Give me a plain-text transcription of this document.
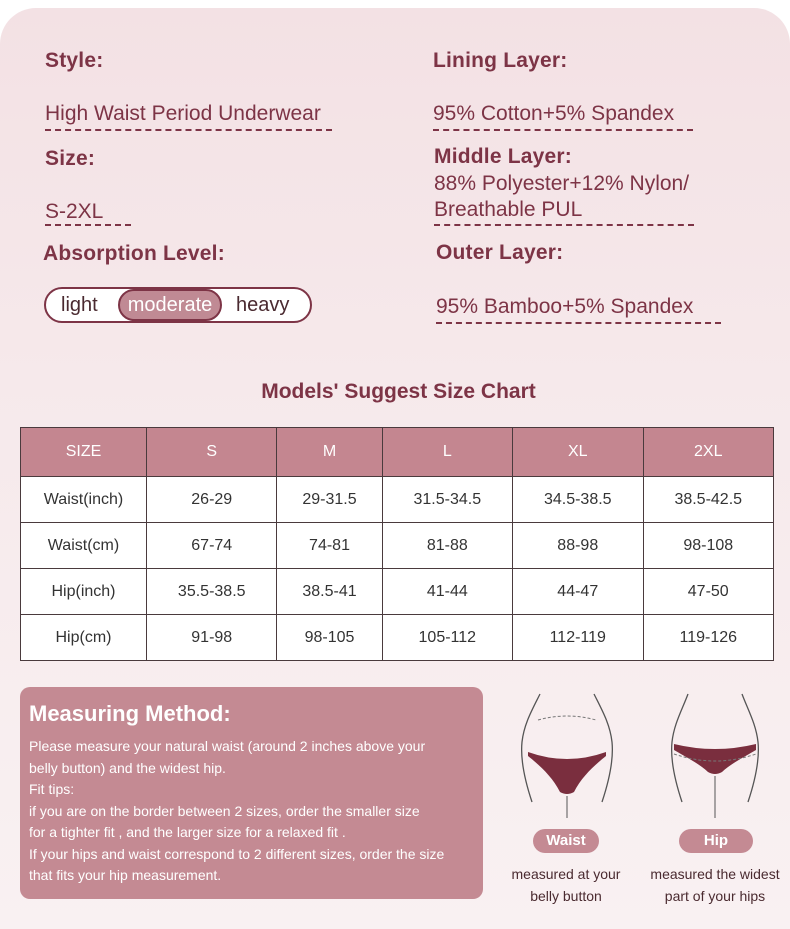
Style:
High Waist Period Underwear
Size:
S-2XL
Absorption Level:
light	moderate	heavy
Lining Layer:
95% Cotton+5% Spandex
Middle Layer:
88% Polyester+12% Nylon/
Breathable PUL
Outer Layer:
95% Bamboo+5% Spandex
Models' Suggest Size Chart
SIZE	S	M	L	XL	2XL
Waist(inch)	26-29	29-31.5	31.5-34.5	34.5-38.5	38.5-42.5
Waist(cm)	67-74	74-81	81-88	88-98	98-108
Hip(inch)	35.5-38.5	38.5-41	41-44	44-47	47-50
Hip(cm)	91-98	98-105	105-112	112-119	119-126
Measuring Method:
Please measure your natural waist (around 2 inches above your
belly button) and the widest hip.
Fit tips:
if you are on the border between 2 sizes, order the smaller size
for a tighter fit , and the larger size for a relaxed fit .
If your hips and waist correspond to 2 different sizes, order the size
that fits your hip measurement.
Waist
measured at your
belly button
Hip
measured the widest
part of your hips
